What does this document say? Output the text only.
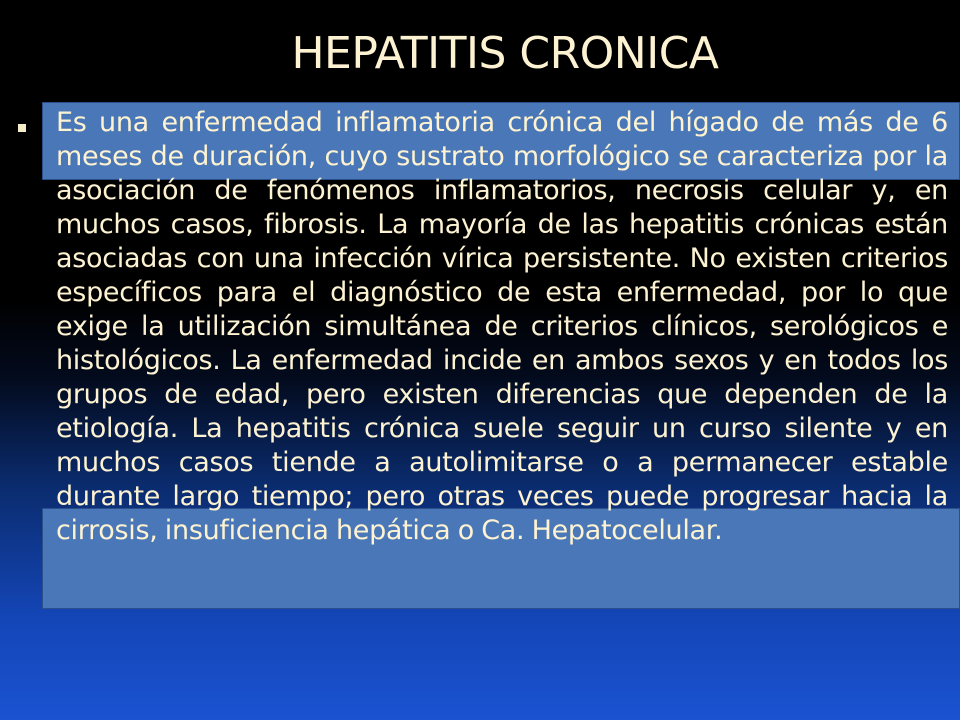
HEPATITIS CRONICA

Es una enfermedad inflamatoria crónica del hígado de más de 6 meses de duración, cuyo sustrato morfológico se caracteriza por la asociación de fenómenos inflamatorios, necrosis celular y, en muchos casos, fibrosis. La mayoría de las hepatitis crónicas están asociadas con una infección vírica persistente. No existen criterios específicos para el diagnóstico de esta enfermedad, por lo que exige la utilización simultánea de criterios clínicos, serológicos e histológicos. La enfermedad incide en ambos sexos y en todos los grupos de edad, pero existen diferencias que dependen de la etiología. La hepatitis crónica suele seguir un curso silente y en muchos casos tiende a autolimitarse o a permanecer estable durante largo tiempo; pero otras veces puede progresar hacia la cirrosis, insuficiencia hepática o Ca. Hepatocelular.
